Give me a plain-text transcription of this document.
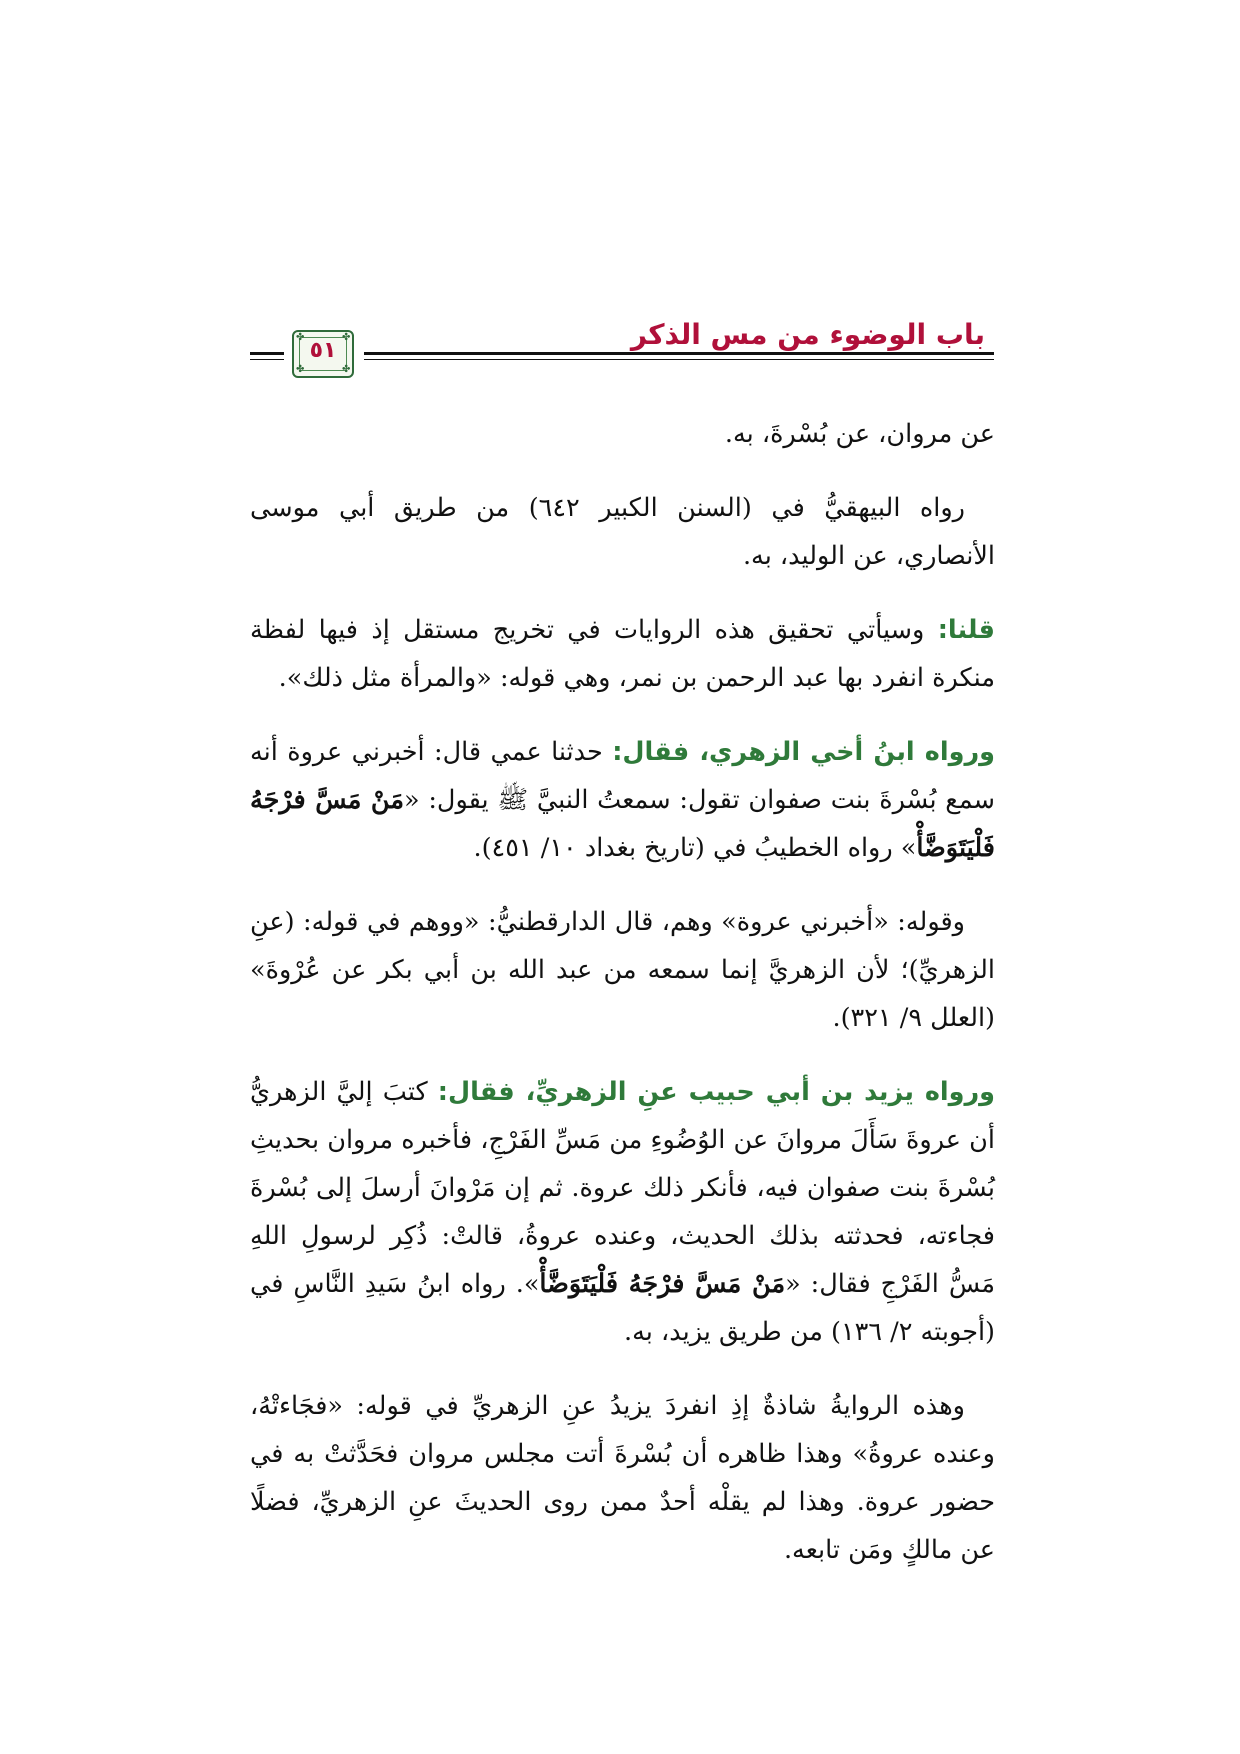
باب الوضوء من مس الذكر
✤	✤
✤	✤
٥١

عن مروان، عن بُسْرةَ، به.

رواه البيهقيُّ في (السنن الكبير ٦٤٢) من طريق أبي موسى الأنصاري، عن الوليد، به.

قلنا: وسيأتي تحقيق هذه الروايات في تخريج مستقل إذ فيها لفظة منكرة انفرد بها عبد الرحمن بن نمر، وهي قوله: «والمرأة مثل ذلك».

ورواه ابنُ أخي الزهري، فقال: حدثنا عمي قال: أخبرني عروة أنه سمع بُسْرةَ بنت صفوان تقول: سمعتُ النبيَّ ﷺ يقول: «مَنْ مَسَّ فرْجَهُ فَلْيَتَوَضَّأْ» رواه الخطيبُ في (تاريخ بغداد ١٠/ ٤٥١).

وقوله: «أخبرني عروة» وهم، قال الدارقطنيُّ: «ووهم في قوله: (عنِ الزهريِّ)؛ لأن الزهريَّ إنما سمعه من عبد الله بن أبي بكر عن عُرْوةَ» (العلل ٩/ ٣٢١).

ورواه يزيد بن أبي حبيب عنِ الزهريِّ، فقال: كتبَ إليَّ الزهريُّ أن عروةَ سَأَلَ مروانَ عن الوُضُوءِ من مَسِّ الفَرْجِ، فأخبره مروان بحديثِ بُسْرةَ بنت صفوان فيه، فأنكر ذلك عروة. ثم إن مَرْوانَ أرسلَ إلى بُسْرةَ فجاءته، فحدثته بذلك الحديث، وعنده عروةُ، قالتْ: ذُكِر لرسولِ اللهِ مَسُّ الفَرْجِ فقال: «مَنْ مَسَّ فرْجَهُ فَلْيَتَوَضَّأْ». رواه ابنُ سَيدِ النَّاسِ في (أجوبته ٢/ ١٣٦) من طريق يزيد، به.

وهذه الروايةُ شاذةٌ إذِ انفردَ يزيدُ عنِ الزهريِّ في قوله: «فجَاءتْهُ، وعنده عروةُ» وهذا ظاهره أن بُسْرةَ أتت مجلس مروان فحَدَّثتْ به في حضور عروة. وهذا لم يقلْه أحدٌ ممن روى الحديثَ عنِ الزهريِّ، فضلًا عن مالكٍ ومَن تابعه.
